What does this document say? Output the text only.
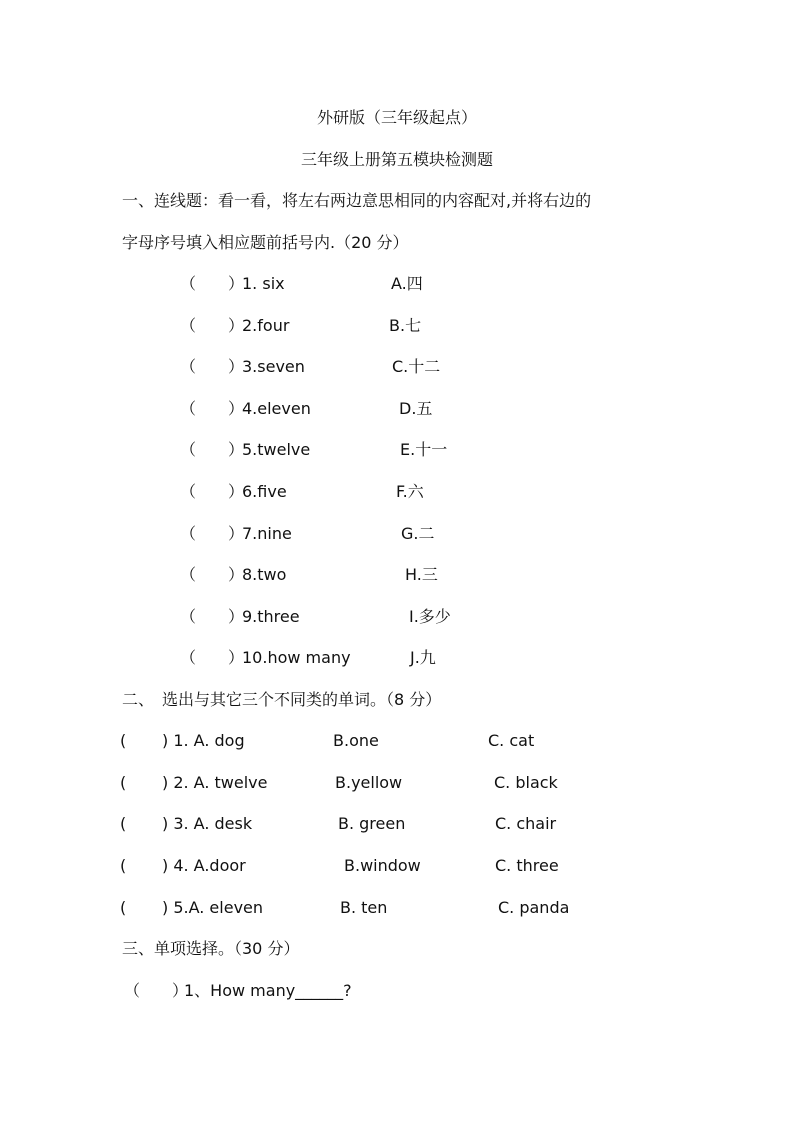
外研版（三年级起点）
三年级上册第五模块检测题
一、连线题：看一看，将左右两边意思相同的内容配对,并将右边的
字母序号填入相应题前括号内.（20 分）
（　　）
1. six	A.四
（　　）
2.four	B.七
（　　）
3.seven	C.十二
（　　）
4.eleven	D.五
（　　）
5.twelve	E.十一
（　　）
6.five	F.六
（　　）
7.nine	G.二
（　　）
8.two	H.三
（　　）
9.three	I.多少
（　　）
10.how many	J.九
二、　选出与其它三个不同类的单词。（8 分）
( ) 1. A. dog	B.one	C. cat
( ) 2. A. twelve	B.yellow	C. black
( ) 3. A. desk	B. green	C. chair
( ) 4. A.door	B.window	C. three
( ) 5.A. eleven	B. ten	C. panda
三、单项选择。（30 分）
（　　）
1、How many______?
